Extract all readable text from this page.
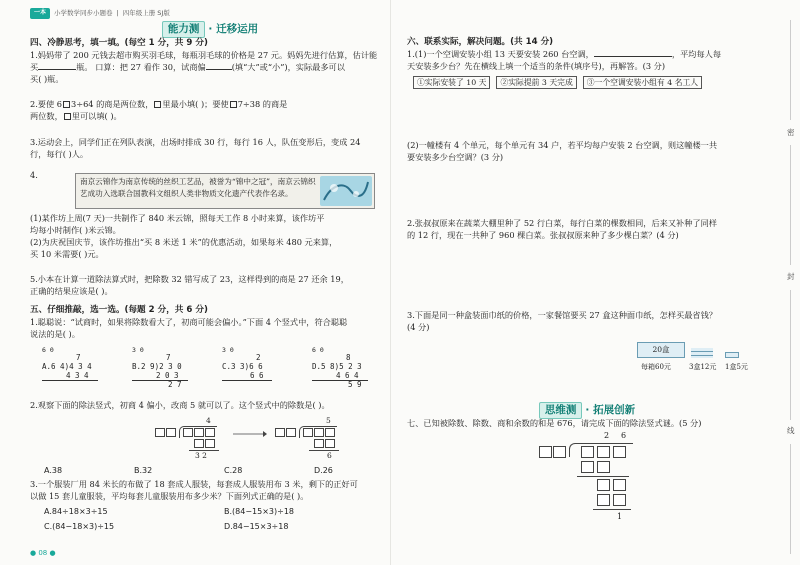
一本	小学数学同步小题卷 | 四年级上册 SJ版
能力测 · 迁移运用
四、冷静思考，填一填。(每空 1 分，共 9 分)
1.妈妈带了 200 元钱去超市购买羽毛球，每瓶羽毛球的价格是 27 元。妈妈先进行估算，估计能
买	瓶。 口算：把 27 看作 30，试商偏	(填“大”或“小”)，实际最多可以
买( )瓶。
2.要使 6 3÷64 的商是两位数， 里最小填( )；要使 7÷38 的商是
两位数， 里可以填( )。
3.运动会上，同学们正在列队表演，出场时排成 30 行，每行 16 人，队伍变形后，变成 24
行，每行( )人。
4.
南京云锦作为南京传统的丝织工艺品，被誉为“锦中之冠”，南京云锦织艺成功入选联合国教科文组织人类非物质文化遗产代表作名录。
(1)某作坊上周(7 天)一共制作了 840 米云锦，照每天工作 8 小时来算，该作坊平
均每小时制作( )米云锦。
(2)为庆祝国庆节，该作坊推出“买 8 米送 1 米”的优惠活动，如果每米 480 元来算，
买 10 米需要( )元。
5.小本在计算一道除法算式时，把除数 32 错写成了 23，这样得到的商是 27 还余 19，
正确的结果应该是( )。
五、仔细推敲，选一选。(每题 2 分，共 6 分)
1.聪聪说：“试商时，如果将除数看大了，初商可能会偏小。”下面 4 个竖式中，符合聪聪
说法的是( )。
6 0
7
A.6 4)4 3 4
4 3 4
3 0
7
B.2 9)2 3 0
2 0 3
2 7
3 0
2
C.3 3)6 6
6 6
6 0
8
D.5 8)5 2 3
4 6 4
5 9
2.观察下面的除法竖式，初商 4 偏小，改商 5 就可以了。这个竖式中的除数是( )。
4
3 2
5
6
A.38	B.32	C.28	D.26
3.一个服装厂用 84 米长的布做了 18 套成人服装，每套成人服装用布 3 米，剩下的正好可
以做 15 套儿童服装，平均每套儿童服装用布多少米？下面列式正确的是( )。
A.84÷18×3÷15	B.(84−15×3)÷18
C.(84−18×3)÷15	D.84−15×3÷18
● 08 ●
六、联系实际，解决问题。(共 14 分)
1.(1)一个空调安装小组 13 天要安装 260 台空调，	，平均每人每
天安装多少台？先在横线上填一个适当的条件(填序号)，再解答。(3 分)
①实际安装了 10 天	②实际提前 3 天完成	③一个空调安装小组有 4 名工人
(2)一幢楼有 4 个单元，每个单元有 34 户，若平均每户安装 2 台空调，则这幢楼一共
要安装多少台空调？(3 分)
2.张叔叔原来在蔬菜大棚里种了 52 行白菜，每行白菜的棵数相同，后来又补种了同样
的 12 行，现在一共种了 960 棵白菜。张叔叔原来种了多少棵白菜？(4 分)
3.下面是同一种盒装面巾纸的价格，一家餐馆要买 27 盒这种面巾纸，怎样买最省钱？
(4 分)
20盒
每箱60元	3盒12元 1盒5元
思维测 · 拓展创新
七、已知被除数、除数、商和余数的和是 676，请完成下面的除法竖式谜。(5 分)
2 6
1
密
封
线
